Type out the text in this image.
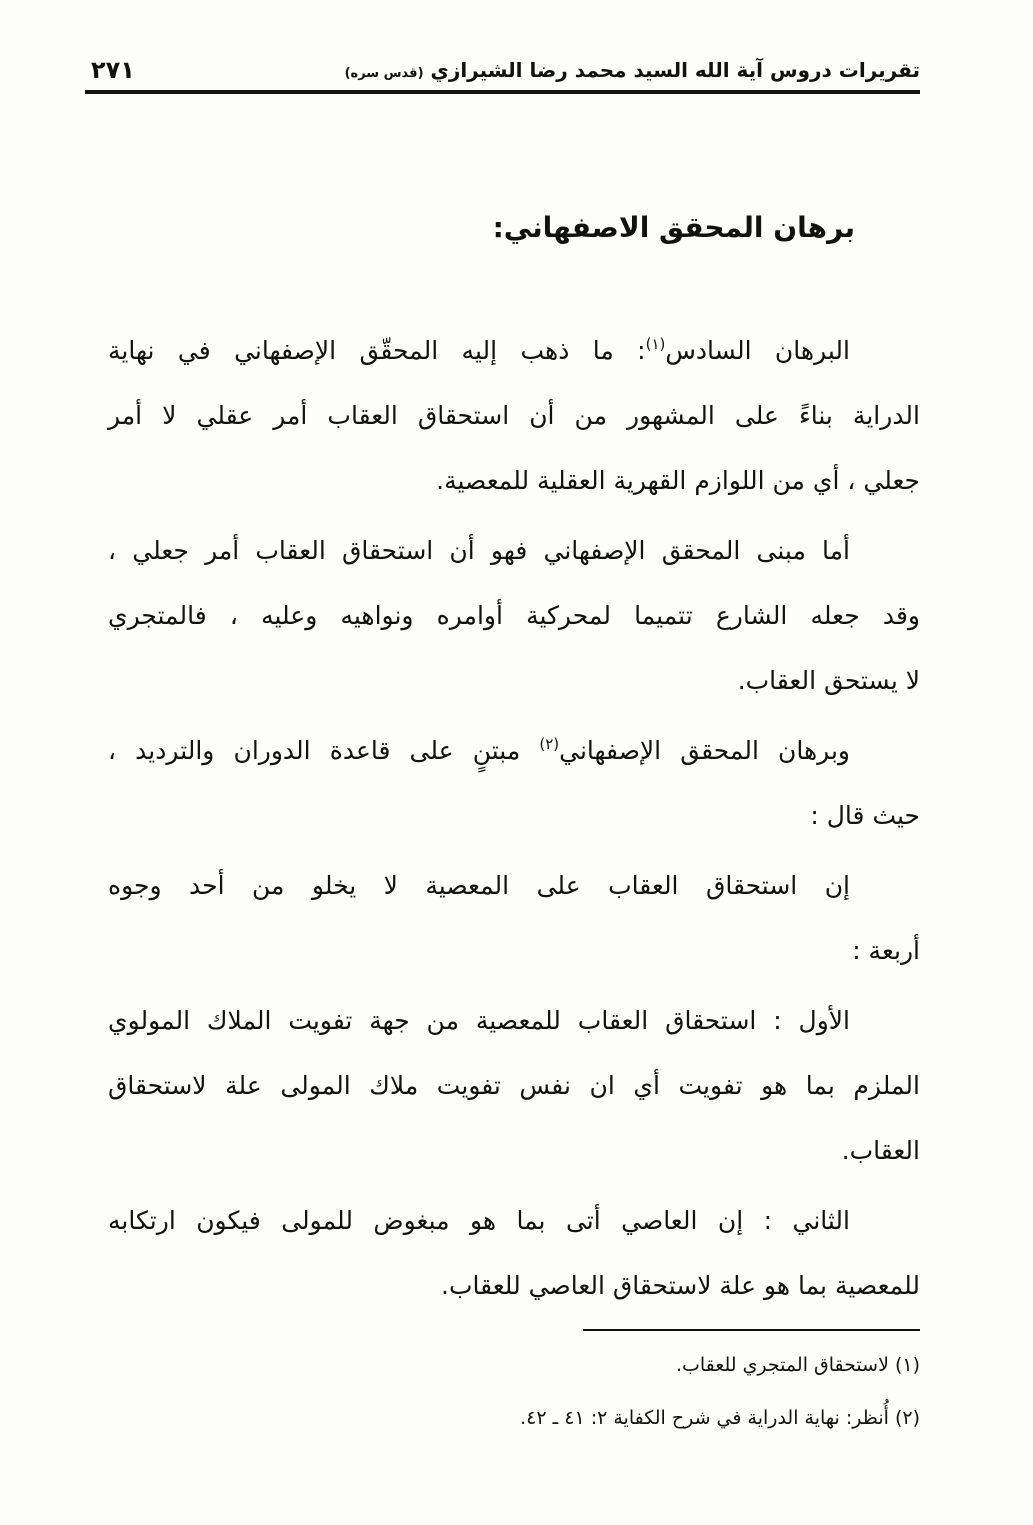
تقريرات دروس آية الله السيد محمد رضا الشيرازي (قدس سره)
٢٧١
برهان المحقق الاصفهاني:
البرهان السادس$^{(١)}$: ما ذهب إليه المحقّق الإصفهاني في نهاية
الدراية بناءً على المشهور من أن استحقاق العقاب أمر عقلي لا أمر
جعلي ، أي من اللوازم القهرية العقلية للمعصية.
أما مبنى المحقق الإصفهاني فهو أن استحقاق العقاب أمر جعلي ،
وقد جعله الشارع تتميما لمحركية أوامره ونواهيه وعليه ، فالمتجري
لا يستحق العقاب.
وبرهان المحقق الإصفهاني$^{(٢)}$ مبتنٍ على قاعدة الدوران والترديد ،
حيث قال :
إن استحقاق العقاب على المعصية لا يخلو من أحد وجوه
أربعة :
الأول : استحقاق العقاب للمعصية من جهة تفويت الملاك المولوي
الملزم بما هو تفويت أي ان نفس تفويت ملاك المولى علة لاستحقاق
العقاب.
الثاني : إن العاصي أتى بما هو مبغوض للمولى فيكون ارتكابه
للمعصية بما هو علة لاستحقاق العاصي للعقاب.
(١) لاستحقاق المتجري للعقاب.
(٢) أُنظر: نهاية الدراية في شرح الكفاية ٢: ٤١ ـ ٤٢.
